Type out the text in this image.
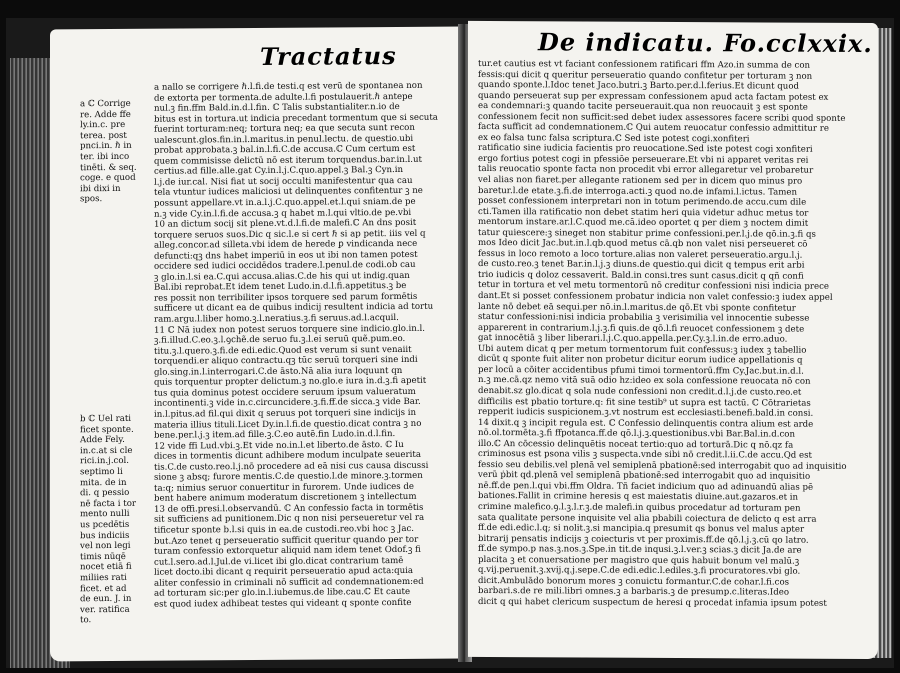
Tractatus
a ℂ Corrige
re. Adde ffe
ly.in.c. pre
terea. post
pnci.in. ℏ in
ter. ibi inco
tinēti. & seq.
coge. e quod
ibi dixi in
spos.
b ℂ Uel rati
ficet sponte.
Adde Fely.
in.c.at si cle
rici.in.j.col.
septimo li
mita. de in
di. q pessio
nē facta i tor
mento nulli
us pcedētis
bus indiciis
vel non legi
timis nūqē
nocet etiā fi
miliies rati
ficet. et ad
de eun. J. in
ver. ratifica
to.
a nallo se corrigere ℏ.l.fi.de testi.q est verū de spontanea non
de extorta per tormenta.de adulte.l.fi postulauerit.ℏ antepe
nul.ꝫ fin.ffm Bald.in.d.l.fin. ℂ Talis substantialiter.n.io de
bitus est in tortura.ut indicia precedant tormentum que si secuta
fuerint torturam:neq; tortura neq; ea que secuta sunt recon
ualescunt.glos.fin.in.l.maritus.in penul.lectu. de questio.ubi
probat approbata.ꝫ bal.in.l.fi.C.de accusa.ℂ Cum certum est
quem commisisse delictū nō est iterum torquendus.bar.in.l.ut
certius.ad fille.alle.gat Cy.in.l.j.C.quo.appel.ꝫ Bal.ꝫ Cyn.in
l.j.de iur.cal. Nisi fiat ut socij occulti manifestentur qua cau
tela vtuntur iudices maliciosi ut delinquentes confitentur ꝫ ne
possunt appellare.vt in.a.l.j.C.quo.appel.et.l.qui sniam.de pe
n.ꝫ vide Cy.in.l.fi.de accusa.ꝫ q habet m.l.qui vltio.de pe.vbi
10 an dictum socij sit plene.vt.d.l.fi.de malefi.ℂ An dns posit
torquere seruos suos.Dic q sic.l.e si cert ℏ si ap petit. iiis vel q
alleg.concor.ad silleta.vbi idem de herede ꝑ vindicanda nece
defuncti:qꝫ dns habet imperiū in eos ut ibi non tamen potest
occidere sed iudici occidēdos tradere.l.penul.de codi.ob cau
ꝫ glo.in.l.si ea.C.qui accusa.alias.C.de his qui ut indig.quan
Bal.ibi reprobat.Et idem tenet Ludo.in.d.l.fi.appetitus.ꝫ be
res possit non terribiliter ipsos torquere sed parum formētis
sufficere ut dicant ea de quibus indicij resultent indicia ad tortu
ram.argu.l.liber homo.ꝫ.l.neratius.ꝫ.fi seruus.ad.l.acquil.
11 ℂ Nā iudex non potest seruos torquere sine indicio.glo.in.l.
ꝫ.fi.illud.C.eo.ꝫ.l.ꝯchẽ.de seruo fu.ꝫ.l.ei seruū quẽ.pum.eo.
titu.ꝫ.l.quero.ꝫ.fi.de edi.edic.Quod est verum si sunt venaiit
torquendi.er aliquo contractu.qꝫ tūc seruū torqueri sine indi
glo.sing.in.l.interrogari.C.de āsto.Nā alia iura loquunt qn
quis torquentur propter delictum.ꝫ no.glo.e iura in.d.ꝫ.fi apetit
tus quia dominus potest occidere seruum ipsum valueratum
incontinenti.ꝫ vide in.c.circuncidere.ꝫ.fi.ff.de sicca.ꝫ vide Bar.
in.l.pitus.ad fil.qui dixit q seruus pot torqueri sine indicijs in
materia illius tituli.Licet Dy.in.l.fi.de questio.dicat contra ꝫ no
bene.per.l.j.ꝫ item.ad fille.ꝫ.C.eo autẽ.fin Ludo.in.d.l.fin.
12 vide ffi Lud.vbi.ꝫ.Et vide no.in.l.et liberto.de āsto. ℂ Iu
dices in tormentis dicunt adhibere modum inculpate seuerita
tis.C.de custo.reo.l.j.nō procedere ad eā nisi cus causa discussi
sione ꝫ absq; furore mentis.C.de questio.l.de minore.ꝫ.tormen
ta:q; nimius seruor conuertitur in furorem. Unde iudices de
bent habere animum moderatum discretionem ꝫ intellectum
13 de offi.presi.l.observandū. ℂ An confessio facta in tormētis
sit sufficiens ad punitionem.Dic q non nisi perseueretur vel ra
tificetur sponte b.l.si quis in ea.de custodi.reo.vbi hoc ꝫ Jac.
but.Azo tenet q perseueratio sufficit queritur quando per tor
turam confessio extorquetur aliquid nam idem tenet Odof.ꝫ fi
cut.l.sero.ad.l.Jul.de vi.licet ibi glo.dicat contrarium tamē
licet docto.ibi dicant q requirit perseueratio apud acta:quia
aliter confessio in criminali nō sufficit ad condemnationem:ed
ad torturam sic:per glo.in.l.iubemus.de libe.cau.ℂ Et caute
est quod iudex adhibeat testes qui videant q sponte confite
De indicatu. Fo.cclxxix.
tur.et cautius est vt faciant confessionem ratificari ffm Azo.in summa de con
fessis:qui dicit q queritur perseueratio quando confitetur per torturam ꝫ non
quando sponte.l.Idoc tenet Jaco.butri.ꝫ Barto.per.d.l.ferius.Et dicunt quod
quando perseuerat sup per expressam confessionem apud acta factam potest ex
ea condemnari:ꝫ quando tacite perseuerauit.qua non reuocauit ꝫ est sponte
confessionem fecit non sufficit:sed debet iudex assessores facere scribi quod sponte
facta sufficit ad condemnationem.ℂ Qui autem reuocatur confessio admittitur re
ex eo falsa tunc falsa scriptura.ℂ Sed iste potest cogi.xonfiteri
ratificatio sine iudicia facientis pro reuocatione.Sed iste potest cogi xonfiteri
ergo fortius potest cogi in pfessiōe perseuerare.Et vbi ni apparet veritas rei
talis reuocatio sponte facta non procedit vbi error allegaretur vel probaretur
vel alias non fiaret.per allegante rationem sed per in dicem quo minus pro
baretur.l.de etate.ꝫ.fi.de interroga.acti.ꝫ quod no.de infami.l.ictus. Tamen
posset confessionem interpretari non in totum perimendo.de accu.cum dile
cti.Tamen illa ratificatio non debet statim heri quia videtur adhuc metus tor
mentorum instare.ar.l.C.quod me.cā.ideo oportet q per diem ꝫ noctem dimit
tatur quiescere:ꝫ sineget non stabitur prime confessioni.per.l.j.de qō.in.ꝫ.fi qs
mos Ideo dicit Jac.but.in.l.qb.quod metus cā.qb non valet nisi perseueret cō
fessus in loco remoto a loco torture.alias non valeret perseueratio.argu.l.j.
de custo.reo.ꝫ tenet Bar.in.l.j.ꝫ diuns.de questio.qui dicit q tempus erit arbi
trio iudicis q doloz cessaverit. Bald.in consi.tres sunt casus.dicit q qñ confi
tetur in tortura et vel metu tormentorū nō creditur confessioni nisi indicia prece
dant.Et si posset confessionem probatur indicia non valet confessio:ꝫ iudex appel
lante nō debet eā sequi.per nō.in.l.maritus.de qō.Et vbi sponte confitetur
statur confessioni:nisi indicia probabilia ꝫ verisimilia vel innocentie subesse
apparerent in contrarium.l.j.ꝫ.fi quis.de qō.l.fi reuocet confessionem ꝫ dete
gat innocētiā ꝫ liber liberari.l.j.C.quo.appella.per.Cy.ꝫ.l.in.de erro.aduo.
Ubi autem dicat q per metum tormentorum fuit confessus:ꝫ iudex ꝫ tabellio
dicūt q sponte fuit aliter non probetur dicitur eorum iudice appellationis q
per locū a cōiter accidentibus pfumi timoi tormentorū.ffm Cy.Jac.but.in.d.l.
n.ꝫ me.cā.qz nemo vitā suā odio hz:ideo ex sola confessione reuocata nō con
denabit.sz glo.dicat q sola nude confessioni non credit.d.l.j.de custo.reo.et
difficilis est pbatio torture.q: fit sine testib⁹ ut supra est tactū. ℂ Cōtrarietas
repperit iudicis suspicionem.ꝫ.vt nostrum est ecclesiasti.benefi.bald.in consi.
14 dixit.q ꝫ incipit regula est. ℂ Confessio delinquentis contra alium est arde
nō.ol.tormēta.ꝫ.fi ffpotanca.ff.de qō.l.j.ꝫ.questionibus.vbi Bar.Bal.in.d.con
illo.ℂ An cōcessio delinquētis noceat tertio:quo ad torturā.Dic q nō.qz fa
criminosus est psona vilis ꝫ suspecta.vnde sibi nō credit.l.ii.C.de accu.Qd est
fessio seu debilis.vel plenā vel semiplenā pbationē:sed interrogabit quo ad inquisitio
verū ṗbit qd.plenā vel semiplenā pbationē:sed interrogabit quo ad inquisitio
nē.ff.de pen.l.qui vbi.ffm Oldra. Tñ faciet indicium quo ad adinuandū alias pē
bationes.Fallit in crimine heresis q est maiestatis diuine.aut.gazaros.et in
crimine malefico.ꝯ.l.ꝫ.l.r.ꝫ.de malefi.in quibus procedatur ad torturam pen
sata qualitate persone inquisite vel alia pbabili coiectura de delicto q est arra
ff.de edi.edic.l.q; si nolit.ꝫ.si mancipia.q presumit qs bonus vel malus apter
bitrarij pensatis indicijs ꝫ coiecturis vt per proximis.ff.de qō.l.j.ꝫ.cū qo latro.
ff.de sympo.p nas.ꝫ.nos.ꝫ.Spe.in tit.de inqusi.ꝫ.l.ver.ꝫ scias.ꝫ dicit Ja.de are
placita ꝫ et conuersatione per magistro que quis habuit bonum vel malū.ꝫ
q.vij.peruenit.ꝫ.xvij.q.j.sepe.C.de edi.edic.l.ediles.ꝫ.fi procuratores.vbi glo.
dicit.Ambulādo bonorum mores ꝫ conuictu formantur.C.de cohar.l.fi.cos
barbari.s.de re mili.libri omnes.ꝫ a barbaris.ꝫ de presump.c.literas.Ideo
dicit q qui habet clericum suspectum de heresi q procedat infamia ipsum potest
